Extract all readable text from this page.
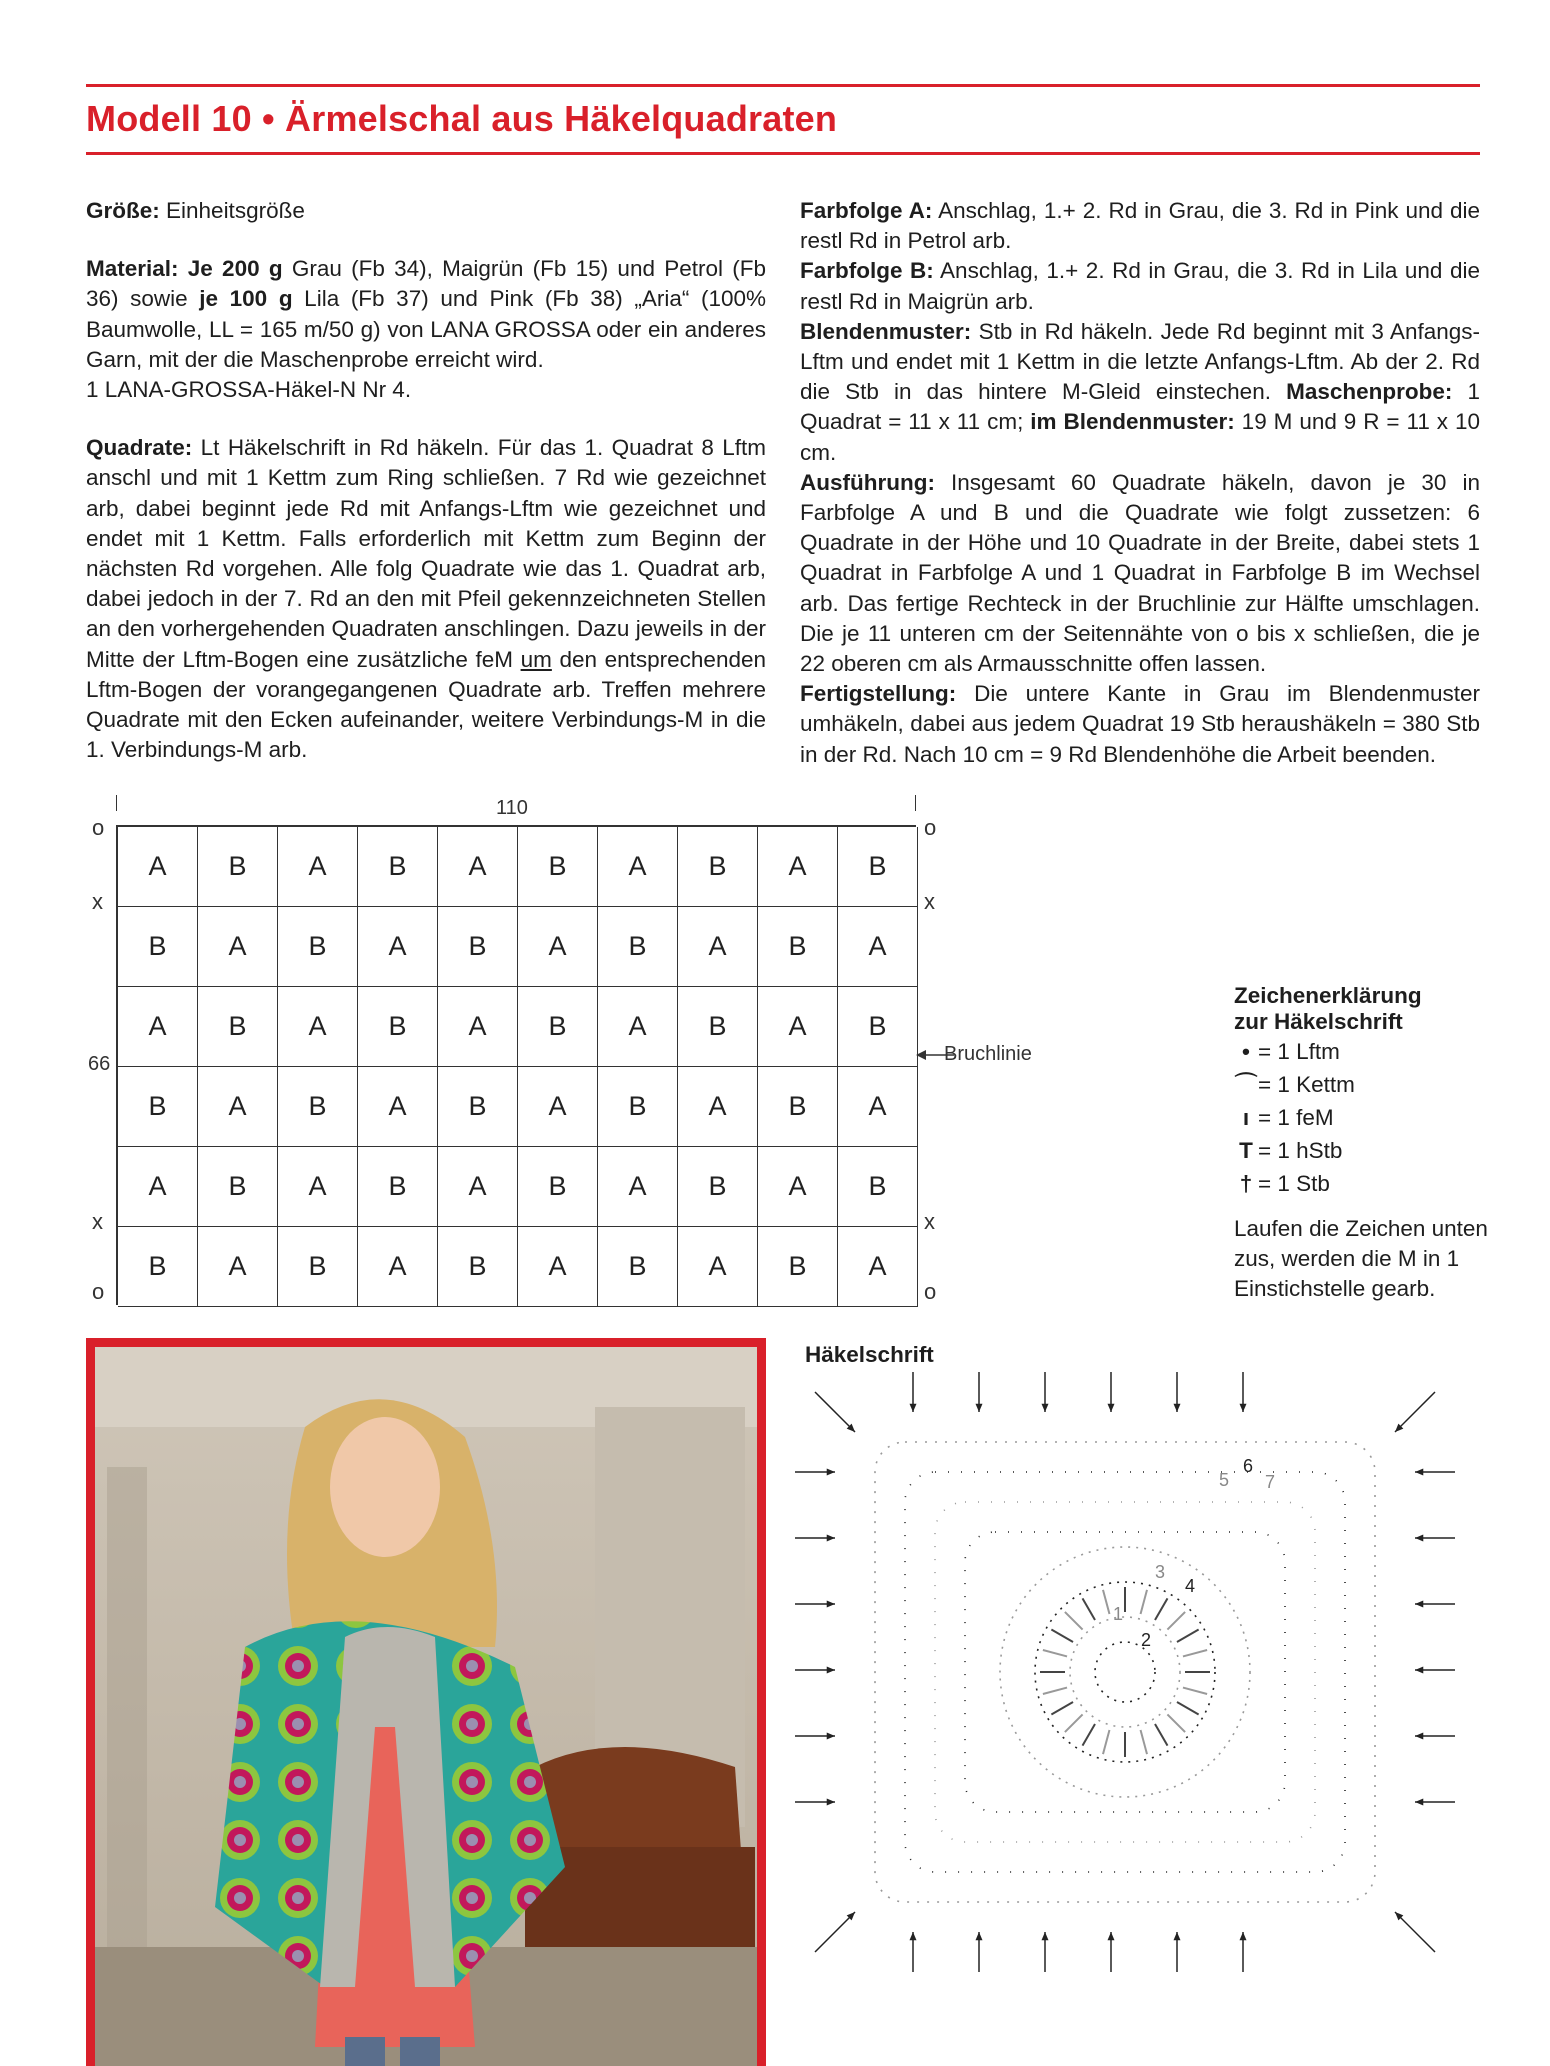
Modell 10 • Ärmelschal aus Häkelquadraten

Größe: Einheitsgröße

Material: Je 200 g Grau (Fb 34), Maigrün (Fb 15) und Petrol (Fb 36) sowie je 100 g Lila (Fb 37) und Pink (Fb 38) „Aria“ (100% Baumwolle, LL = 165 m/50 g) von LANA GROSSA oder ein anderes Garn, mit der die Maschenprobe erreicht wird.

1 LANA-GROSSA-Häkel-N Nr 4.

Quadrate: Lt Häkelschrift in Rd häkeln. Für das 1. Quadrat 8 Lftm anschl und mit 1 Kettm zum Ring schließen. 7 Rd wie gezeichnet arb, dabei beginnt jede Rd mit Anfangs-Lftm wie gezeichnet und endet mit 1 Kettm. Falls erforderlich mit Kettm zum Beginn der nächsten Rd vorgehen. Alle folg Quadrate wie das 1. Quadrat arb, dabei jedoch in der 7. Rd an den mit Pfeil gekennzeichneten Stellen an den vorhergehenden Quadraten anschlingen. Dazu jeweils in der Mitte der Lftm-Bogen eine zusätzliche feM um den entsprechenden Lftm-Bogen der vorangegangenen Quadrate arb. Treffen mehrere Quadrate mit den Ecken aufeinander, weitere Verbindungs-M in die 1. Verbindungs-M arb.

Farbfolge A: Anschlag, 1.+ 2. Rd in Grau, die 3. Rd in Pink und die restl Rd in Petrol arb.

Farbfolge B: Anschlag, 1.+ 2. Rd in Grau, die 3. Rd in Lila und die restl Rd in Maigrün arb.

Blendenmuster: Stb in Rd häkeln. Jede Rd beginnt mit 3 Anfangs-Lftm und endet mit 1 Kettm in die letzte Anfangs-Lftm. Ab der 2. Rd die Stb in das hintere M-Gleid einstechen. Maschenprobe: 1 Quadrat = 11 x 11 cm; im Blendenmuster: 19 M und 9 R = 11 x 10 cm.

Ausführung: Insgesamt 60 Quadrate häkeln, davon je 30 in Farbfolge A und B und die Quadrate wie folgt zussetzen: 6 Quadrate in der Höhe und 10 Quadrate in der Breite, dabei stets 1 Quadrat in Farbfolge A und 1 Quadrat in Farbfolge B im Wechsel arb. Das fertige Rechteck in der Bruchlinie zur Hälfte umschlagen. Die je 11 unteren cm der Seitennähte von o bis x schließen, die je 22 oberen cm als Armausschnitte offen lassen.

Fertigstellung: Die untere Kante in Grau im Blendenmuster umhäkeln, dabei aus jedem Quadrat 19 Stb heraushäkeln = 380 Stb in der Rd. Nach 10 cm = 9 Rd Blendenhöhe die Arbeit beenden.

110
66
o
x
x
o
o
x
x
o
A	B	A	B	A	B	A	B	A	B
B	A	B	A	B	A	B	A	B	A
A	B	A	B	A	B	A	B	A	B
B	A	B	A	B	A	B	A	B	A
A	B	A	B	A	B	A	B	A	B
B	A	B	A	B	A	B	A	B	A
Bruchlinie
Zeichenerklärung
zur Häkelschrift
• = 1 Lftm
⌒ = 1 Kettm
ı = 1 feM
T = 1 hStb
† = 1 Stb
Laufen die Zeichen unten zus, werden die M in 1 Einstichstelle gearb.
Häkelschrift
1
2
3
4
5
6
7
